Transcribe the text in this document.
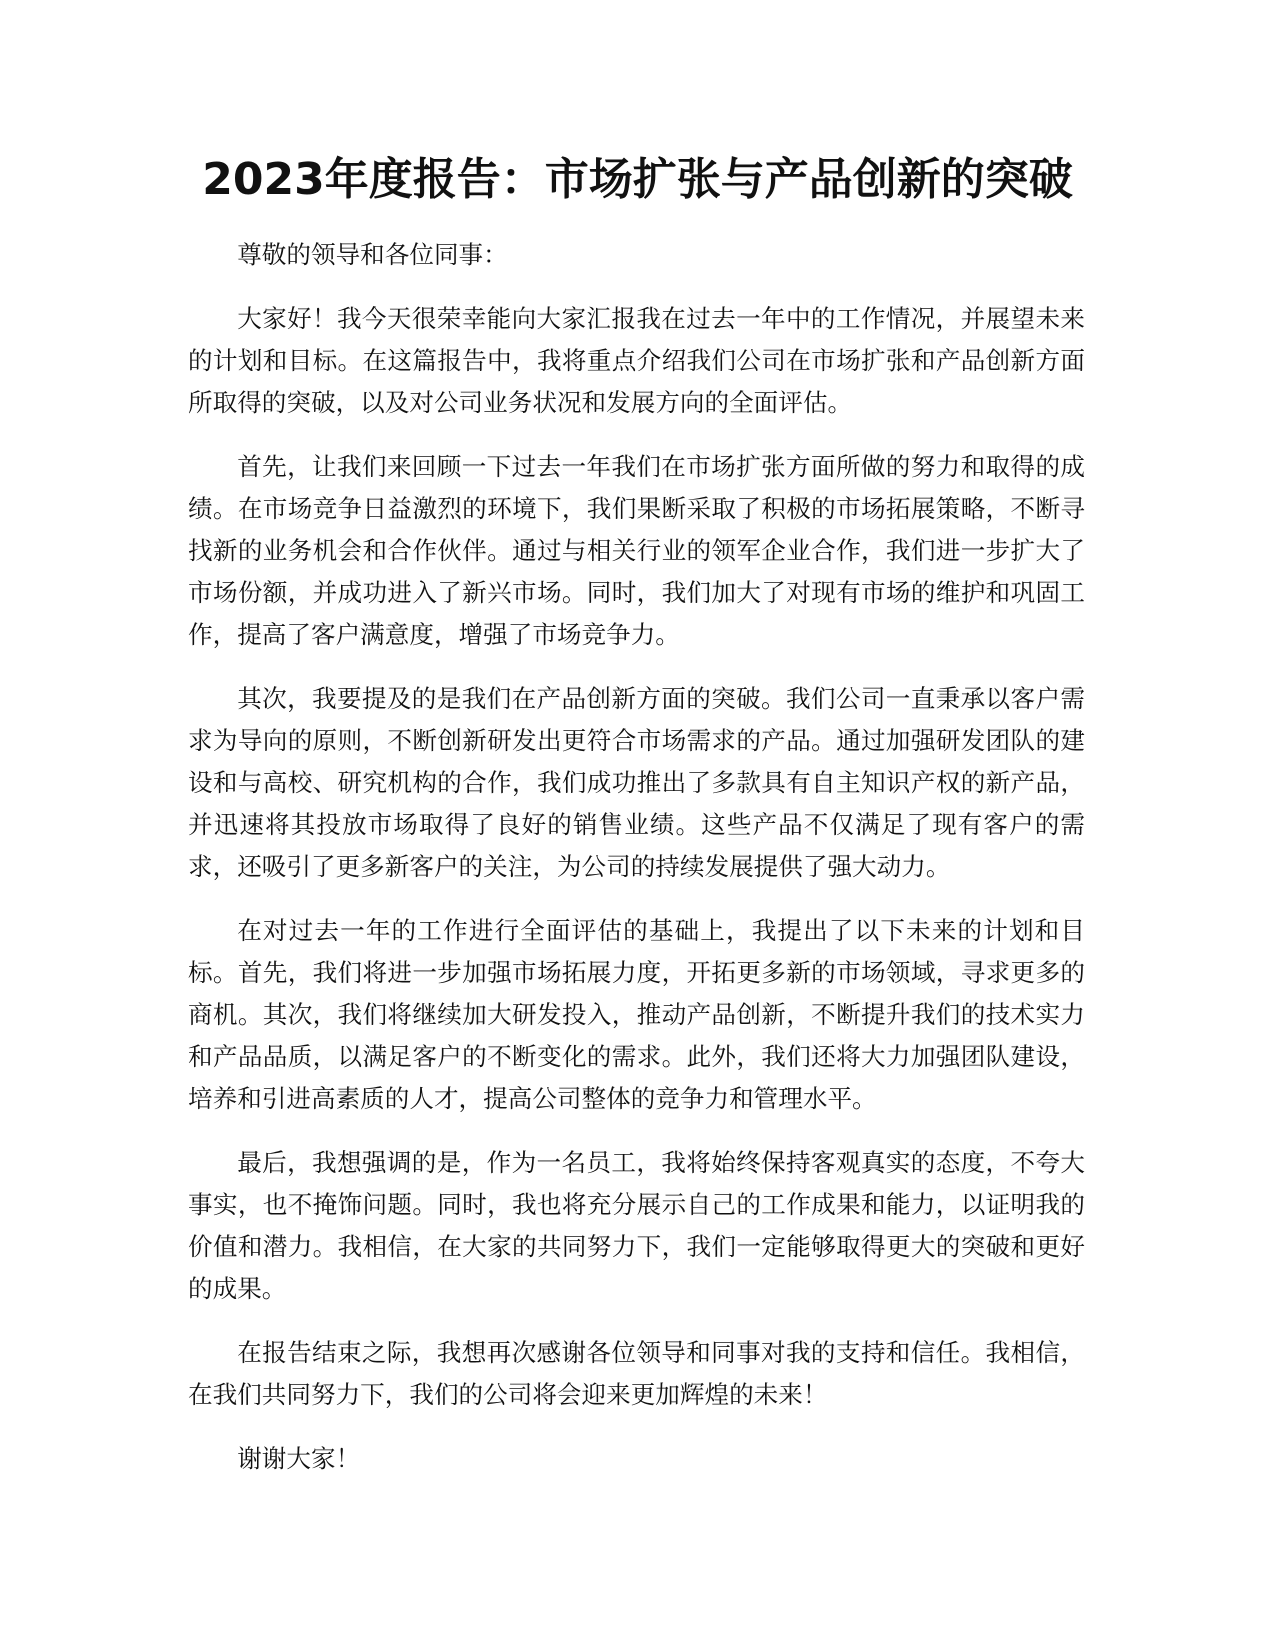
2023年度报告：市场扩张与产品创新的突破

尊敬的领导和各位同事：

大家好！我今天很荣幸能向大家汇报我在过去一年中的工作情况，并展望未来的计划和目标。在这篇报告中，我将重点介绍我们公司在市场扩张和产品创新方面所取得的突破，以及对公司业务状况和发展方向的全面评估。

首先，让我们来回顾一下过去一年我们在市场扩张方面所做的努力和取得的成绩。在市场竞争日益激烈的环境下，我们果断采取了积极的市场拓展策略，不断寻找新的业务机会和合作伙伴。通过与相关行业的领军企业合作，我们进一步扩大了市场份额，并成功进入了新兴市场。同时，我们加大了对现有市场的维护和巩固工作，提高了客户满意度，增强了市场竞争力。

其次，我要提及的是我们在产品创新方面的突破。我们公司一直秉承以客户需求为导向的原则，不断创新研发出更符合市场需求的产品。通过加强研发团队的建设和与高校、研究机构的合作，我们成功推出了多款具有自主知识产权的新产品，并迅速将其投放市场取得了良好的销售业绩。这些产品不仅满足了现有客户的需求，还吸引了更多新客户的关注，为公司的持续发展提供了强大动力。

在对过去一年的工作进行全面评估的基础上，我提出了以下未来的计划和目标。首先，我们将进一步加强市场拓展力度，开拓更多新的市场领域，寻求更多的商机。其次，我们将继续加大研发投入，推动产品创新，不断提升我们的技术实力和产品品质，以满足客户的不断变化的需求。此外，我们还将大力加强团队建设，培养和引进高素质的人才，提高公司整体的竞争力和管理水平。

最后，我想强调的是，作为一名员工，我将始终保持客观真实的态度，不夸大事实，也不掩饰问题。同时，我也将充分展示自己的工作成果和能力，以证明我的价值和潜力。我相信，在大家的共同努力下，我们一定能够取得更大的突破和更好的成果。

在报告结束之际，我想再次感谢各位领导和同事对我的支持和信任。我相信，在我们共同努力下，我们的公司将会迎来更加辉煌的未来！

谢谢大家！
